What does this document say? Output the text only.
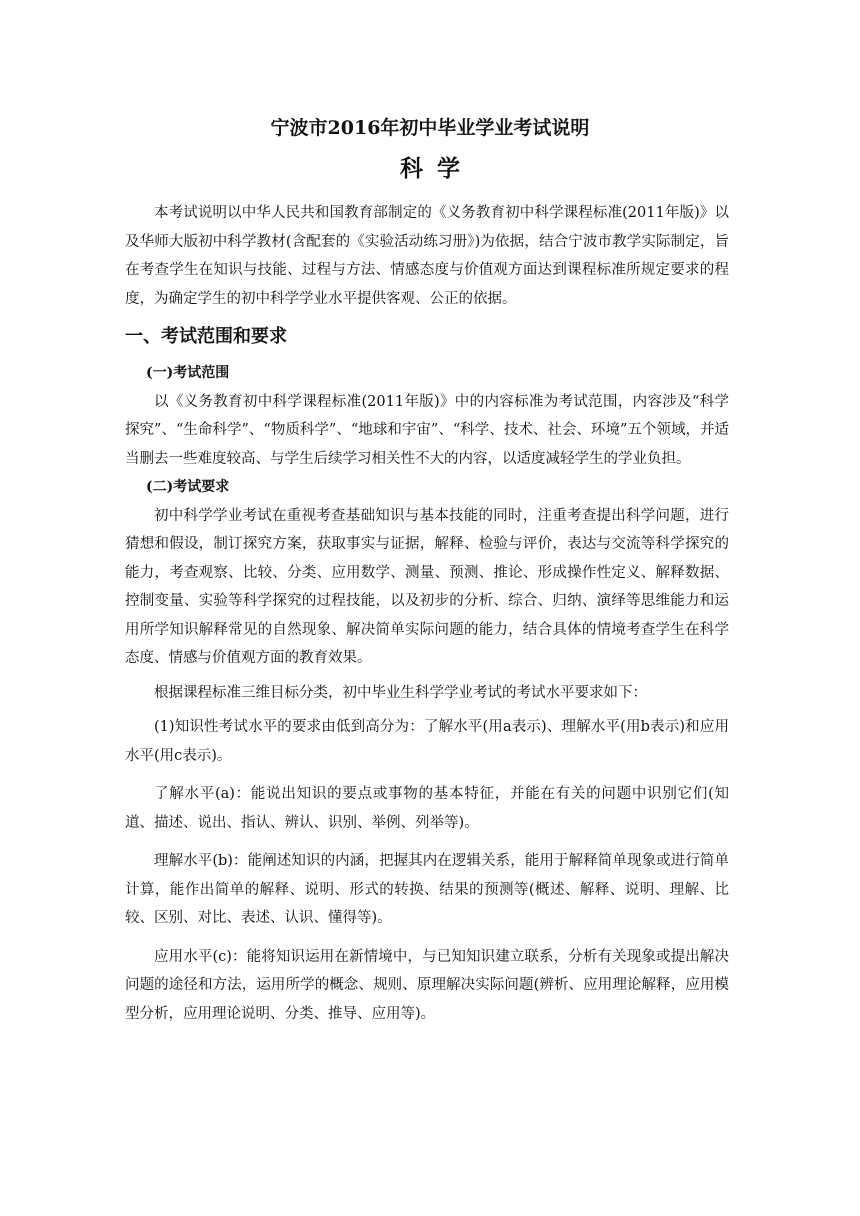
宁波市2016年初中毕业学业考试说明
科学

本考试说明以中华人民共和国教育部制定的《义务教育初中科学课程标准(2011年版)》以及华师大版初中科学教材(含配套的《实验活动练习册》)为依据，结合宁波市教学实际制定，旨在考查学生在知识与技能、过程与方法、情感态度与价值观方面达到课程标准所规定要求的程度，为确定学生的初中科学学业水平提供客观、公正的依据。

一、考试范围和要求

(一)考试范围

以《义务教育初中科学课程标准(2011年版)》中的内容标准为考试范围，内容涉及“科学探究”、“生命科学”、“物质科学”、“地球和宇宙”、“科学、技术、社会、环境”五个领域，并适当删去一些难度较高、与学生后续学习相关性不大的内容，以适度减轻学生的学业负担。

(二)考试要求

初中科学学业考试在重视考查基础知识与基本技能的同时，注重考查提出科学问题，进行猜想和假设，制订探究方案，获取事实与证据，解释、检验与评价，表达与交流等科学探究的能力，考查观察、比较、分类、应用数学、测量、预测、推论、形成操作性定义、解释数据、控制变量、实验等科学探究的过程技能，以及初步的分析、综合、归纳、演绎等思维能力和运用所学知识解释常见的自然现象、解决简单实际问题的能力，结合具体的情境考查学生在科学态度、情感与价值观方面的教育效果。

根据课程标准三维目标分类，初中毕业生科学学业考试的考试水平要求如下：

(1)知识性考试水平的要求由低到高分为：了解水平(用a表示)、理解水平(用b表示)和应用水平(用c表示)。

了解水平(a)：能说出知识的要点或事物的基本特征，并能在有关的问题中识别它们(知道、描述、说出、指认、辨认、识别、举例、列举等)。

理解水平(b)：能阐述知识的内涵，把握其内在逻辑关系，能用于解释简单现象或进行简单计算，能作出简单的解释、说明、形式的转换、结果的预测等(概述、解释、说明、理解、比较、区别、对比、表述、认识、懂得等)。

应用水平(c)：能将知识运用在新情境中，与已知知识建立联系，分析有关现象或提出解决问题的途径和方法，运用所学的概念、规则、原理解决实际问题(辨析、应用理论解释，应用模型分析，应用理论说明、分类、推导、应用等)。
